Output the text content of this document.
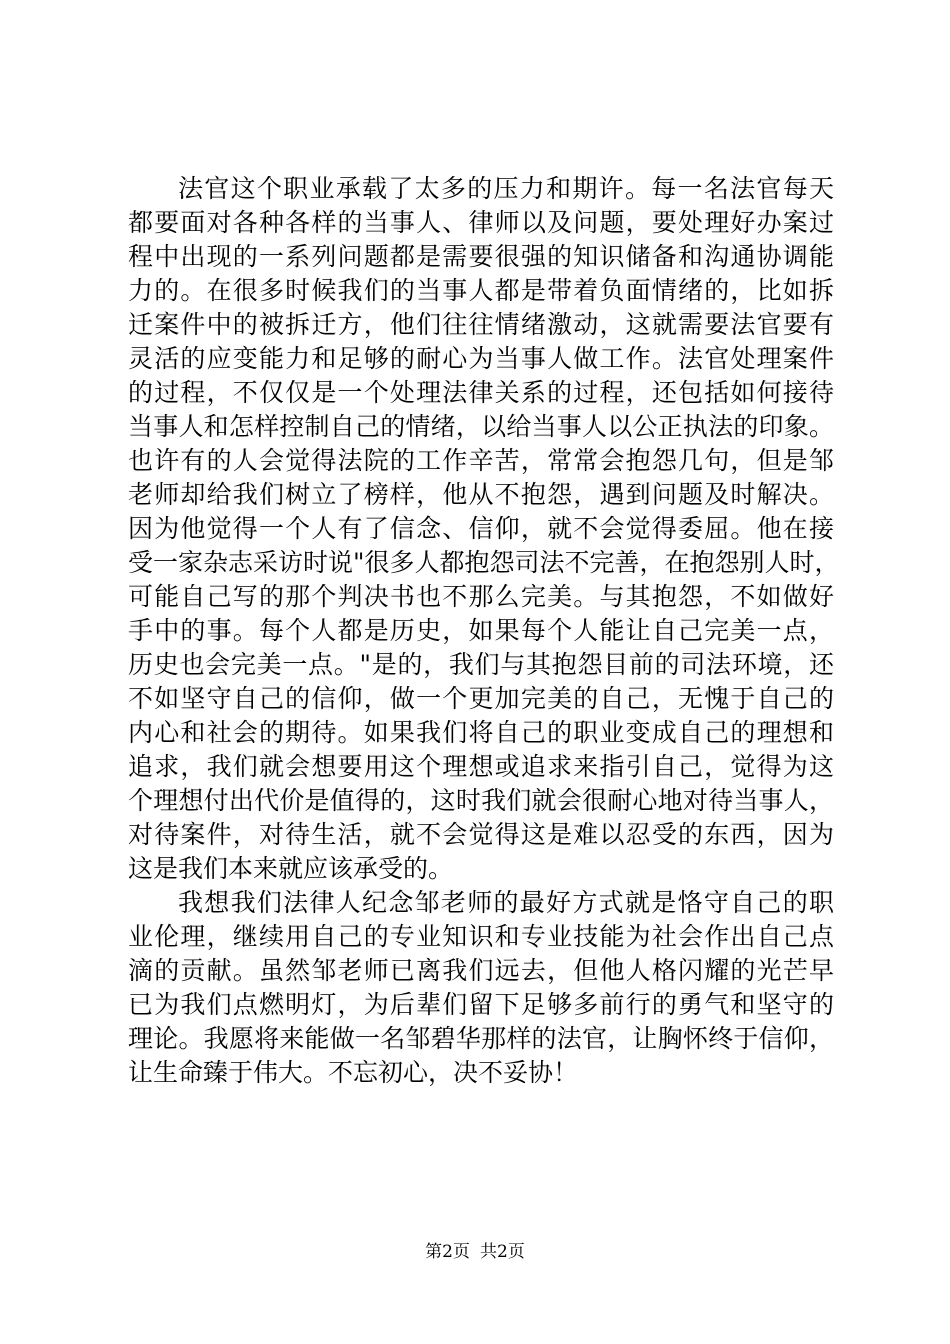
法官这个职业承载了太多的压力和期许。每一名法官每天
都要面对各种各样的当事人、律师以及问题，要处理好办案过
程中出现的一系列问题都是需要很强的知识储备和沟通协调能
力的。在很多时候我们的当事人都是带着负面情绪的，比如拆
迁案件中的被拆迁方，他们往往情绪激动，这就需要法官要有
灵活的应变能力和足够的耐心为当事人做工作。法官处理案件
的过程，不仅仅是一个处理法律关系的过程，还包括如何接待
当事人和怎样控制自己的情绪，以给当事人以公正执法的印象。
也许有的人会觉得法院的工作辛苦，常常会抱怨几句，但是邹
老师却给我们树立了榜样，他从不抱怨，遇到问题及时解决。
因为他觉得一个人有了信念、信仰，就不会觉得委屈。他在接
受一家杂志采访时说"很多人都抱怨司法不完善，在抱怨别人时，
可能自己写的那个判决书也不那么完美。与其抱怨，不如做好
手中的事。每个人都是历史，如果每个人能让自己完美一点，
历史也会完美一点。"是的，我们与其抱怨目前的司法环境，还
不如坚守自己的信仰，做一个更加完美的自己，无愧于自己的
内心和社会的期待。如果我们将自己的职业变成自己的理想和
追求，我们就会想要用这个理想或追求来指引自己，觉得为这
个理想付出代价是值得的，这时我们就会很耐心地对待当事人，
对待案件，对待生活，就不会觉得这是难以忍受的东西，因为
这是我们本来就应该承受的。
我想我们法律人纪念邹老师的最好方式就是恪守自己的职
业伦理，继续用自己的专业知识和专业技能为社会作出自己点
滴的贡献。虽然邹老师已离我们远去，但他人格闪耀的光芒早
已为我们点燃明灯，为后辈们留下足够多前行的勇气和坚守的
理论。我愿将来能做一名邹碧华那样的法官，让胸怀终于信仰，
让生命臻于伟大。不忘初心，决不妥协！
第2页 共2页
